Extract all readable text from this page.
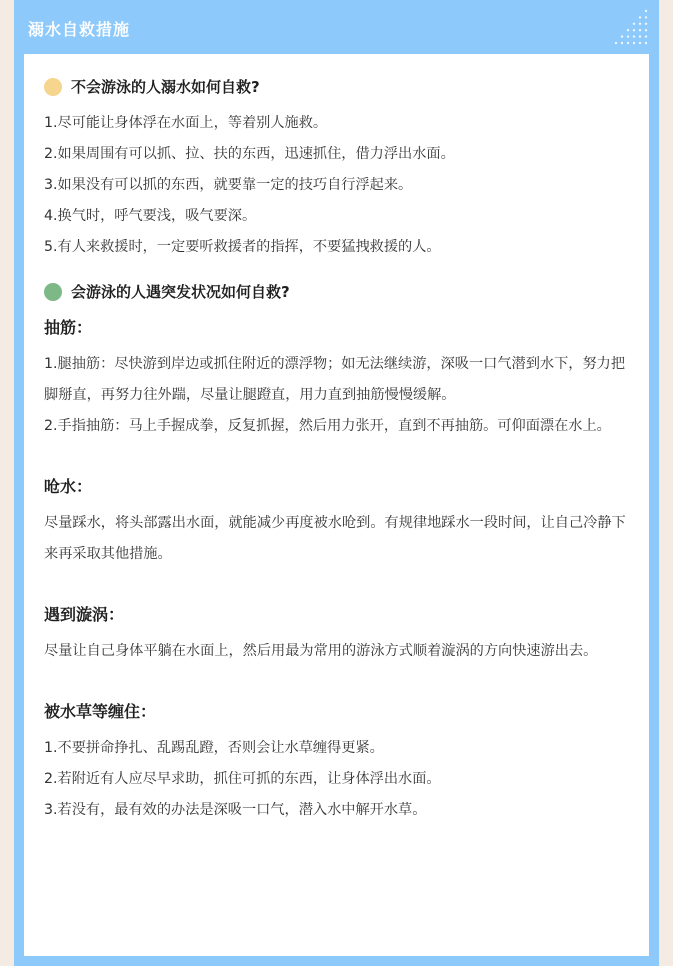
溺水自救措施
不会游泳的人溺水如何自救?

1.尽可能让身体浮在水面上，等着别人施救。

2.如果周围有可以抓、拉、扶的东西，迅速抓住，借力浮出水面。

3.如果没有可以抓的东西，就要靠一定的技巧自行浮起来。

4.换气时，呼气要浅，吸气要深。

5.有人来救援时，一定要听救援者的指挥，不要猛拽救援的人。

会游泳的人遇突发状况如何自救?
抽筋：

1.腿抽筋：尽快游到岸边或抓住附近的漂浮物；如无法继续游，深吸一口气潜到水下，努力把脚掰直，再努力往外踹，尽量让腿蹬直，用力直到抽筋慢慢缓解。

2.手指抽筋：马上手握成拳，反复抓握，然后用力张开，直到不再抽筋。可仰面漂在水上。

呛水：

尽量踩水，将头部露出水面，就能减少再度被水呛到。有规律地踩水一段时间，让自己冷静下来再采取其他措施。

遇到漩涡：

尽量让自己身体平躺在水面上，然后用最为常用的游泳方式顺着漩涡的方向快速游出去。

被水草等缠住：

1.不要拼命挣扎、乱踢乱蹬，否则会让水草缠得更紧。

2.若附近有人应尽早求助，抓住可抓的东西，让身体浮出水面。

3.若没有，最有效的办法是深吸一口气，潜入水中解开水草。
